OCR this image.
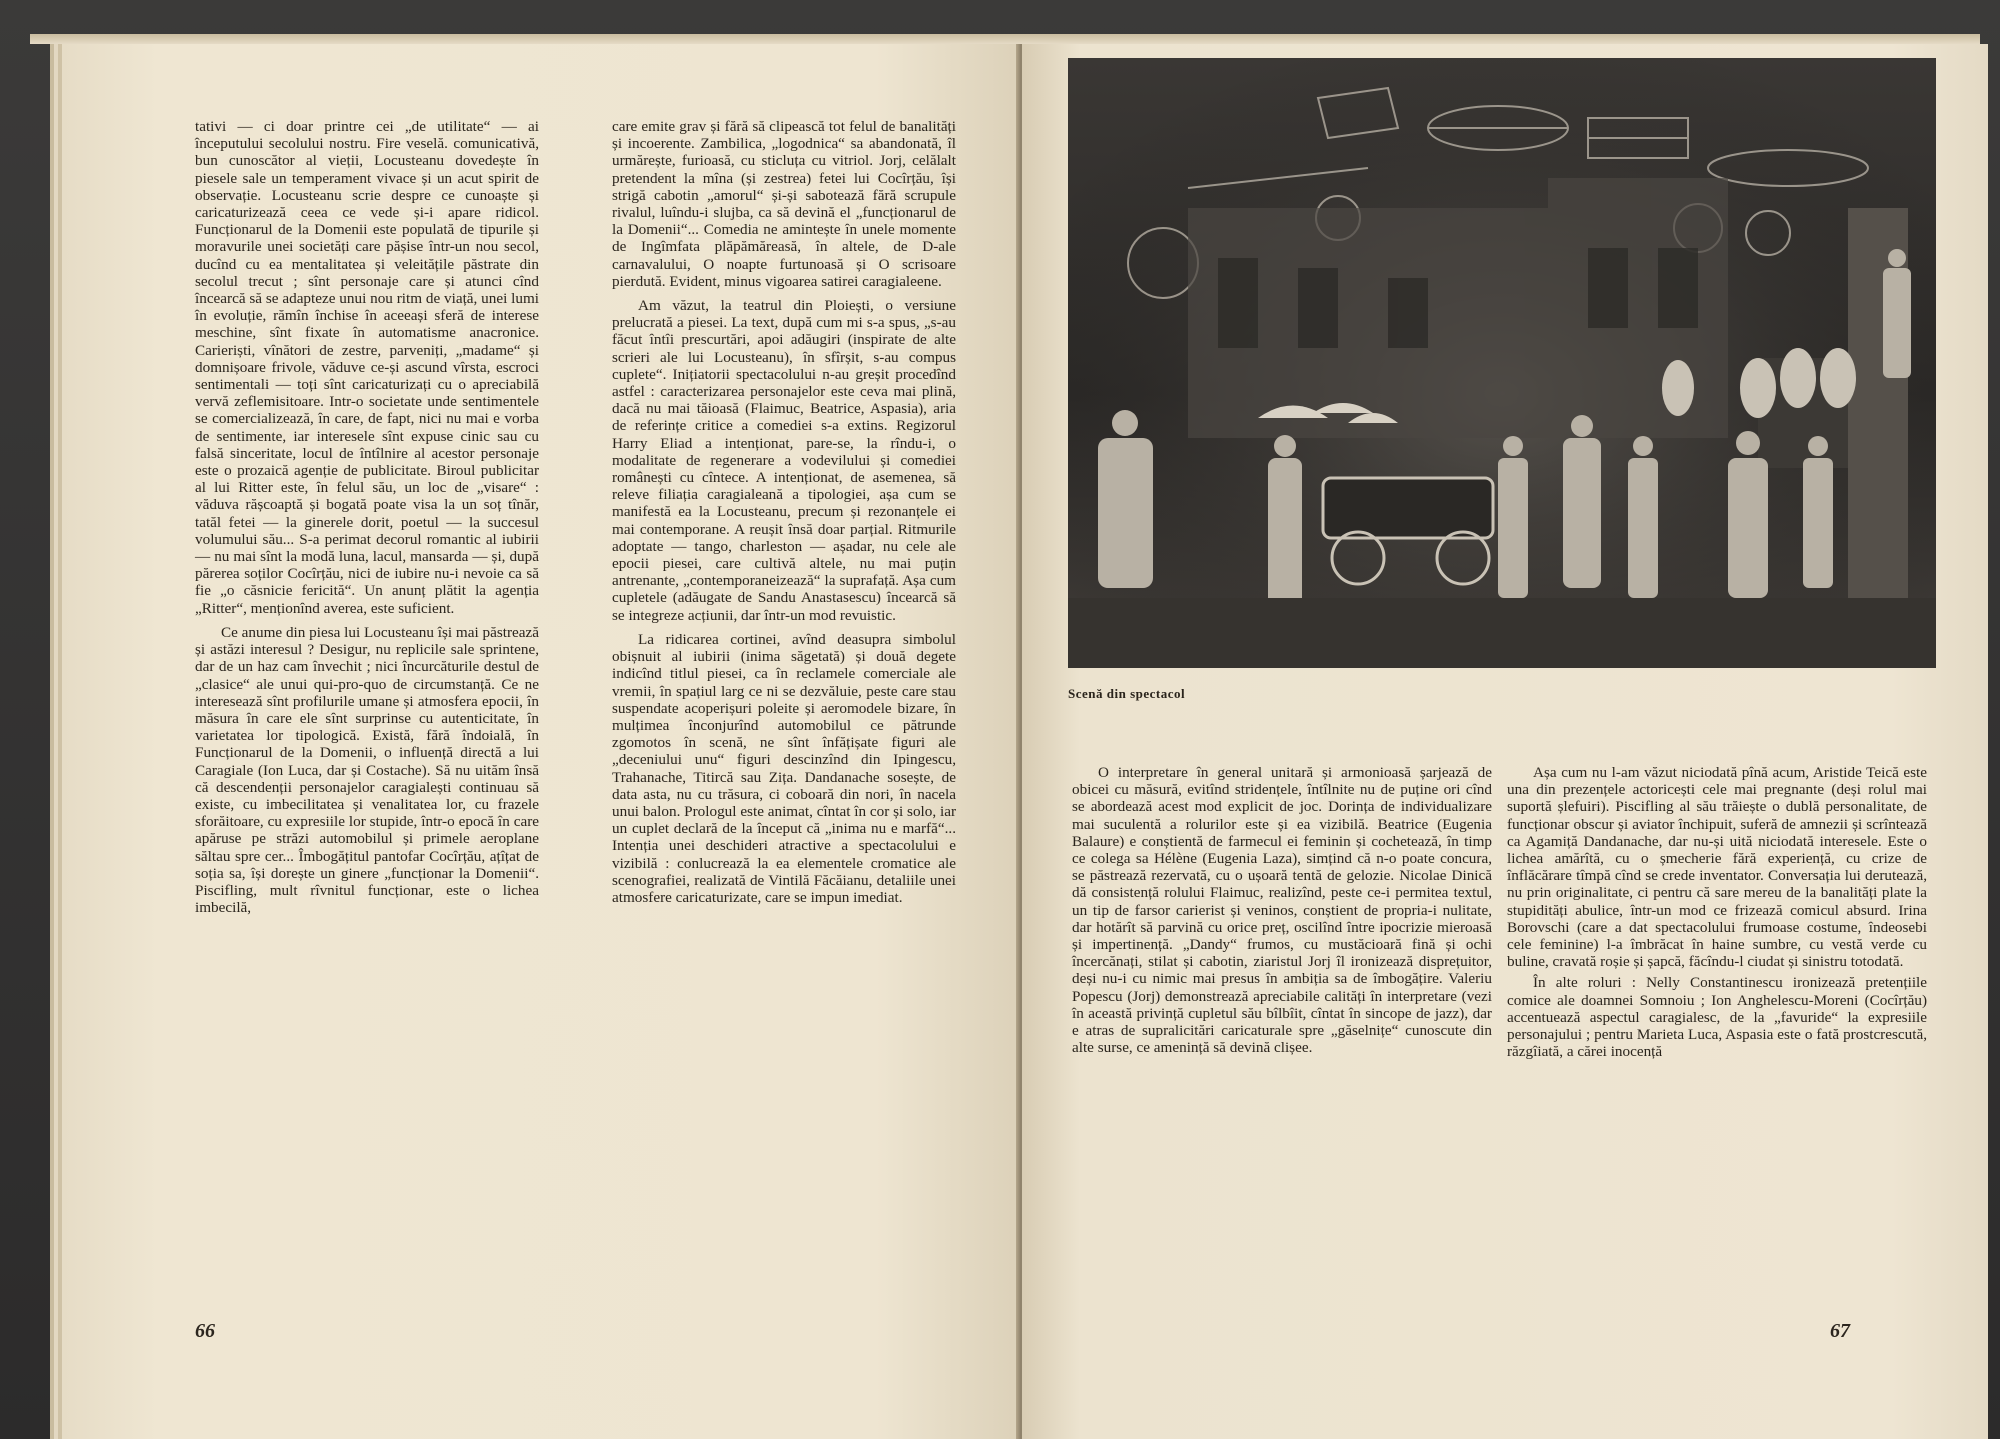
tativi — ci doar printre cei „de utilitate“ — ai începutului secolului nostru. Fire veselă. comunicativă, bun cunoscător al vieții, Locusteanu dovedește în piesele sale un temperament vivace și un acut spirit de observație. Locusteanu scrie despre ce cunoaște și caricaturizează ceea ce vede și-i apare ridicol. Funcționarul de la Domenii este populată de tipurile și moravurile unei societăți care pășise într-un nou secol, ducînd cu ea mentalitatea și veleitățile păstrate din secolul trecut ; sînt personaje care și atunci cînd încearcă să se adapteze unui nou ritm de viață, unei lumi în evoluție, rămîn închise în aceeași sferă de interese meschine, sînt fixate în automatisme anacronice. Carieriști, vînători de zestre, parveniți, „madame“ și domnișoare frivole, văduve ce-și ascund vîrsta, escroci sentimentali — toți sînt caricaturizați cu o apreciabilă vervă zeflemisitoare. Intr-o societate unde sentimentele se comercializează, în care, de fapt, nici nu mai e vorba de sentimente, iar interesele sînt expuse cinic sau cu falsă sinceritate, locul de întîlnire al acestor personaje este o prozaică agenție de publicitate. Biroul publicitar al lui Ritter este, în felul său, un loc de „visare“ : văduva rășcoaptă și bogată poate visa la un soț tînăr, tatăl fetei — la ginerele dorit, poetul — la succesul volumului său... S-a perimat decorul romantic al iubirii — nu mai sînt la modă luna, lacul, mansarda — și, după părerea soților Cocîrțău, nici de iubire nu-i nevoie ca să fie „o căsnicie fericită“. Un anunț plătit la agenția „Ritter“, menționînd averea, este suficient.

Ce anume din piesa lui Locusteanu își mai păstrează și astăzi interesul ? Desigur, nu replicile sale sprintene, dar de un haz cam învechit ; nici încurcăturile destul de „clasice“ ale unui qui-pro-quo de circumstanță. Ce ne interesează sînt profilurile umane și atmosfera epocii, în măsura în care ele sînt surprinse cu autenticitate, în varietatea lor tipologică. Există, fără îndoială, în Funcționarul de la Domenii, o influență directă a lui Caragiale (Ion Luca, dar și Costache). Să nu uităm însă că descendenții personajelor caragialești continuau să existe, cu imbecilitatea și venalitatea lor, cu frazele sforăitoare, cu expresiile lor stupide, într-o epocă în care apăruse pe străzi automobilul și primele aeroplane săltau spre cer... Îmbogățitul pantofar Cocîrțău, ațîțat de soția sa, își dorește un ginere „funcționar la Domenii“. Piscifling, mult rîvnitul funcționar, este o lichea imbecilă,

care emite grav și fără să clipească tot felul de banalități și incoerente. Zambilica, „logodnica“ sa abandonată, îl urmărește, furioasă, cu sticluța cu vitriol. Jorj, celălalt pretendent la mîna (și zestrea) fetei lui Cocîrțău, își strigă cabotin „amorul“ și-și sabotează fără scrupule rivalul, luîndu-i slujba, ca să devină el „funcționarul de la Domenii“... Comedia ne amintește în unele momente de Ingîmfata plăpămăreasă, în altele, de D-ale carnavalului, O noapte furtunoasă și O scrisoare pierdută. Evident, minus vigoarea satirei caragialeene.

Am văzut, la teatrul din Ploiești, o versiune prelucrată a piesei. La text, după cum mi s-a spus, „s-au făcut întîi prescurtări, apoi adăugiri (inspirate de alte scrieri ale lui Locusteanu), în sfîrșit, s-au compus cuplete“. Inițiatorii spectacolului n-au greșit procedînd astfel : caracterizarea personajelor este ceva mai plină, dacă nu mai tăioasă (Flaimuc, Beatrice, Aspasia), aria de referințe critice a comediei s-a extins. Regizorul Harry Eliad a intenționat, pare-se, la rîndu-i, o modalitate de regenerare a vodevilului și comediei românești cu cîntece. A intenționat, de asemenea, să releve filiația caragialeană a tipologiei, așa cum se manifestă ea la Locusteanu, precum și rezonanțele ei mai contemporane. A reușit însă doar parțial. Ritmurile adoptate — tango, charleston — așadar, nu cele ale epocii piesei, care cultivă altele, nu mai puțin antrenante, „contemporaneizează“ la suprafață. Așa cum cupletele (adăugate de Sandu Anastasescu) încearcă să se integreze acțiunii, dar într-un mod revuistic.

La ridicarea cortinei, avînd deasupra simbolul obișnuit al iubirii (inima săgetată) și două degete indicînd titlul piesei, ca în reclamele comerciale ale vremii, în spațiul larg ce ni se dezvăluie, peste care stau suspendate acoperișuri poleite și aeromodele bizare, în mulțimea înconjurînd automobilul ce pătrunde zgomotos în scenă, ne sînt înfățișate figuri ale „deceniului unu“ figuri descinzînd din Ipingescu, Trahanache, Titircă sau Zița. Dandanache sosește, de data asta, nu cu trăsura, ci coboară din nori, în nacela unui balon. Prologul este animat, cîntat în cor și solo, iar un cuplet declară de la început că „inima nu e marfă“... Intenția unei deschideri atractive a spectacolului e vizibilă : conlucrează la ea elementele cromatice ale scenografiei, realizată de Vintilă Făcăianu, detaliile unei atmosfere caricaturizate, care se impun imediat.

66

O interpretare în general unitară și armonioasă șarjează de obicei cu măsură, evitînd stridențele, întîlnite nu de puține ori cînd se abordează acest mod explicit de joc. Dorința de individualizare mai suculentă a rolurilor este și ea vizibilă. Beatrice (Eugenia Balaure) e conștientă de farmecul ei feminin și cochetează, în timp ce colega sa Hélène (Eugenia Laza), simțind că n-o poate concura, se păstrează rezervată, cu o ușoară tentă de gelozie. Nicolae Dinică dă consistență rolului Flaimuc, realizînd, peste ce-i permitea textul, un tip de farsor carierist și veninos, conștient de propria-i nulitate, dar hotărît să parvină cu orice preț, oscilînd între ipocrizie mieroasă și impertinență. „Dandy“ frumos, cu mustăcioară fină și ochi încercănați, stilat și cabotin, ziaristul Jorj îl ironizează disprețuitor, deși nu-i cu nimic mai presus în ambiția sa de îmbogățire. Valeriu Popescu (Jorj) demonstrează apreciabile calități în interpretare (vezi în această privință cupletul său bîlbîit, cîntat în sincope de jazz), dar e atras de supralicitări caricaturale spre „găselnițe“ cunoscute din alte surse, ce amenință să devină clișee.

Așa cum nu l-am văzut niciodată pînă acum, Aristide Teică este una din prezențele actoricești cele mai pregnante (deși rolul mai suportă șlefuiri). Piscifling al său trăiește o dublă personalitate, de funcționar obscur și aviator închipuit, suferă de amnezii și scrîntează ca Agamiță Dandanache, dar nu-și uită niciodată interesele. Este o lichea amărîtă, cu o șmecherie fără experiență, cu crize de înflăcărare tîmpă cînd se crede inventator. Conversația lui derutează, nu prin originalitate, ci pentru că sare mereu de la banalități plate la stupidități abulice, într-un mod ce frizează comicul absurd. Irina Borovschi (care a dat spectacolului frumoase costume, îndeosebi cele feminine) l-a îmbrăcat în haine sumbre, cu vestă verde cu buline, cravată roșie și șapcă, făcîndu-l ciudat și sinistru totodată.

În alte roluri : Nelly Constantinescu ironizează pretențiile comice ale doamnei Somnoiu ; Ion Anghelescu-Moreni (Cocîrțău) accentuează aspectul caragialesc, de la „favuride“ la expresiile personajului ; pentru Marieta Luca, Aspasia este o fată prostcrescută, răzgîiată, a cărei inocență

67
Scenă din spectacol
